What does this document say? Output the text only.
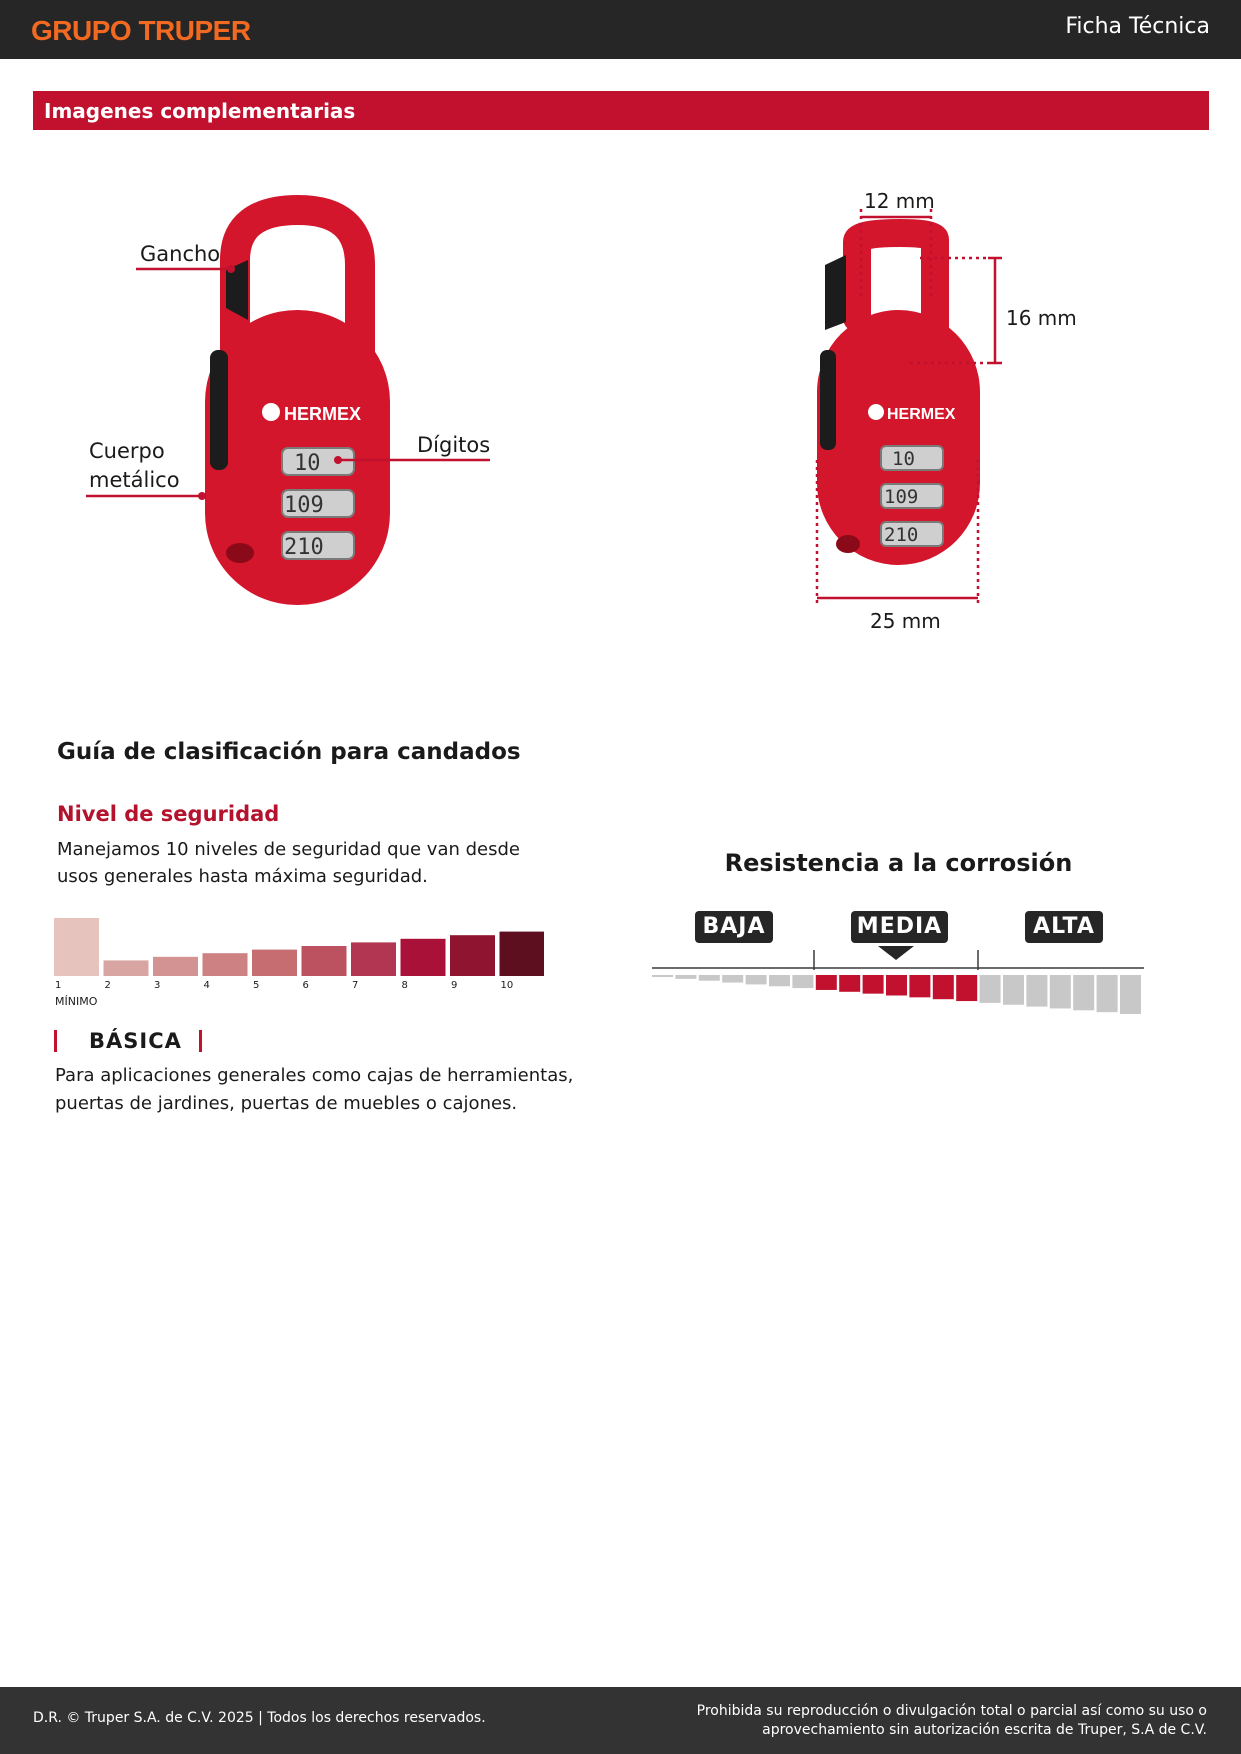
GRUPO TRUPER	Ficha Técnica
Imagenes complementarias
HERMEX
10
109
210
Gancho
Cuerpo
metálico
Dígitos
HERMEX
10
109
210
12 mm
16 mm
25 mm
Guía de clasificación para candados
Nivel de seguridad
Manejamos 10 niveles de seguridad que van desde usos generales hasta máxima seguridad.
1	2	3	4	5	6	7	8	9	10
MÍNIMO
BÁSICA
Para aplicaciones generales como cajas de herramientas, puertas de jardines, puertas de muebles o cajones.
Resistencia a la corrosión
BAJA	MEDIA	ALTA
D.R. © Truper S.A. de C.V. 2025 | Todos los derechos reservados.	Prohibida su reproducción o divulgación total o parcial así como su uso o
aprovechamiento sin autorización escrita de Truper, S.A de C.V.
